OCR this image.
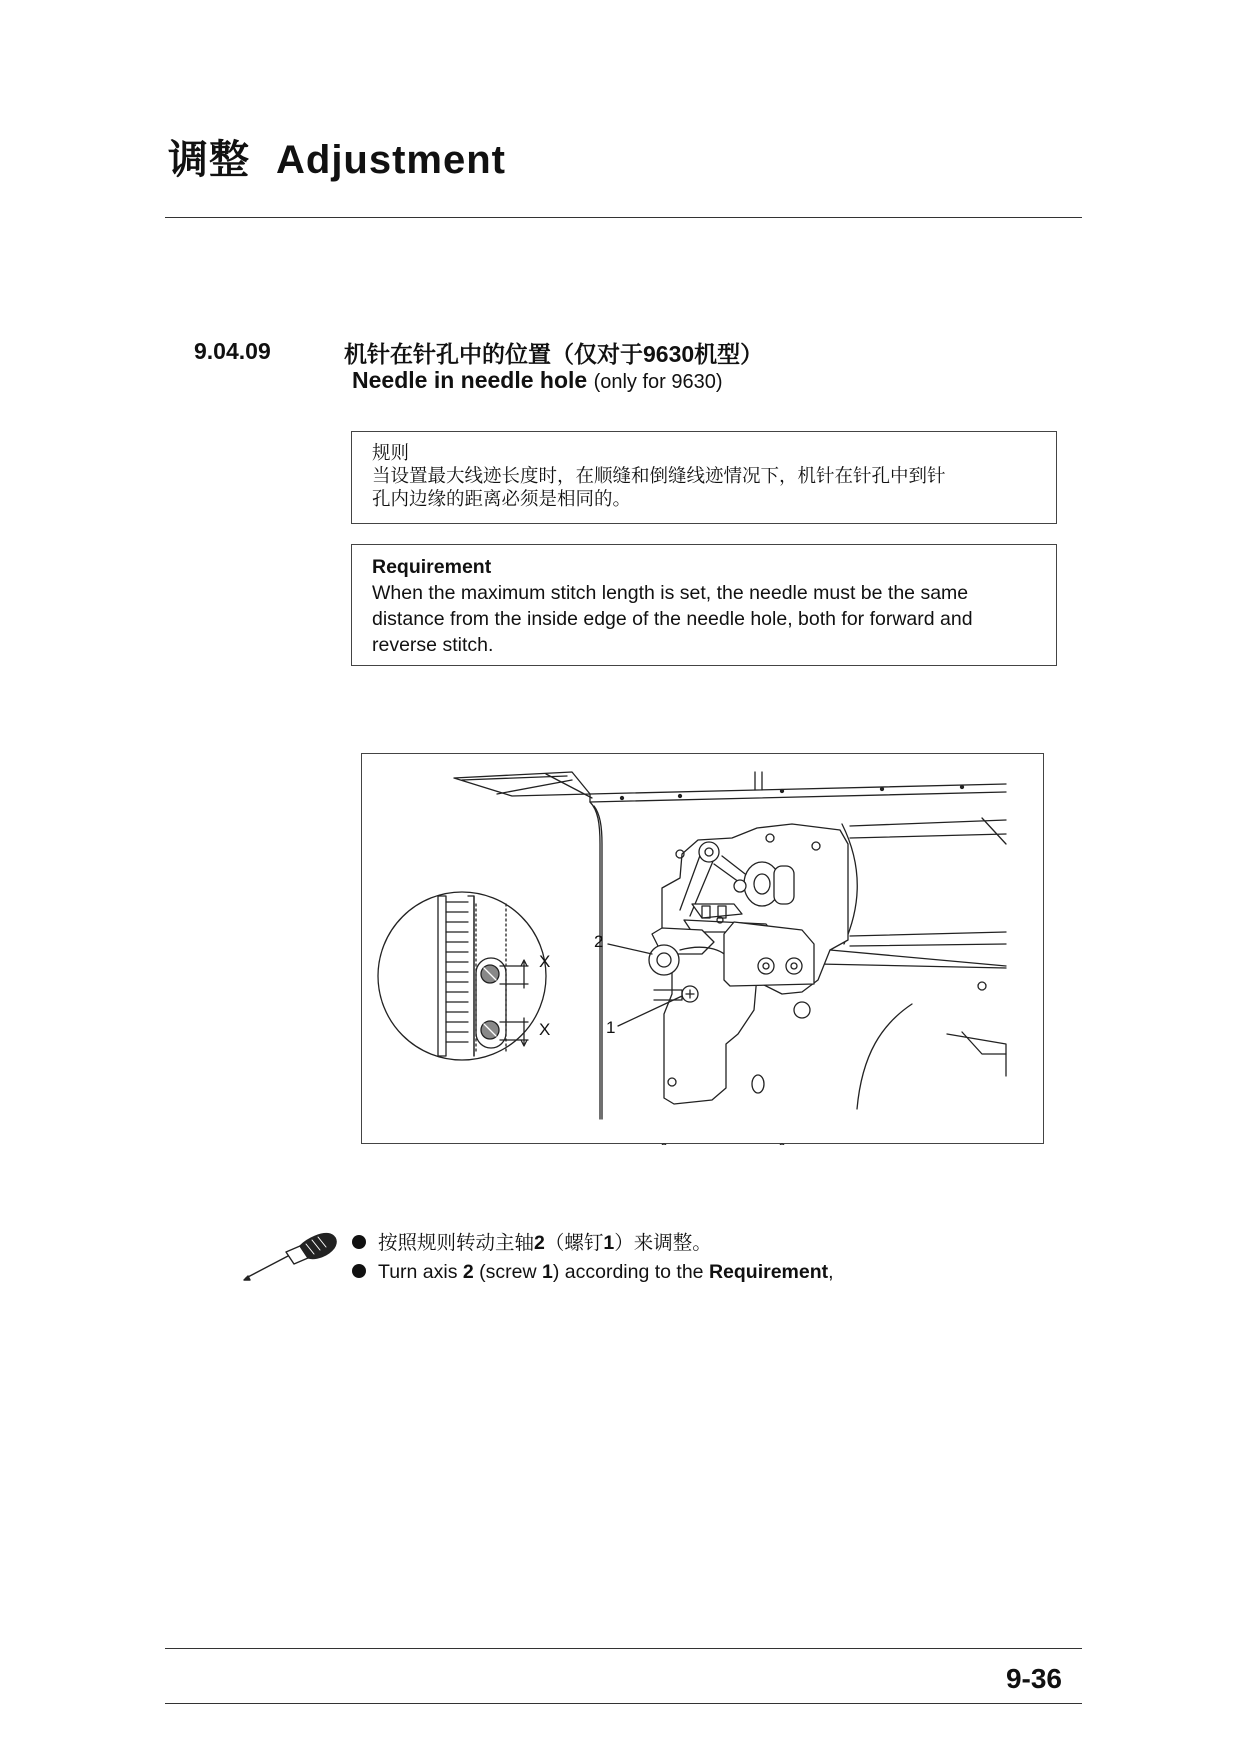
调整 Adjustment
9.04.09	机针在针孔中的位置（仅对于9630机型）
Needle in needle hole (only for 9630)
规则
当设置最大线迹长度时，在顺缝和倒缝线迹情况下，机针在针孔中到针
孔内边缘的距离必须是相同的。
Requirement
When the maximum stitch length is set, the needle must be the same
distance from the inside edge of the needle hole, both for forward and
reverse stitch.
X
X
2
1
按照规则转动主轴2（螺钉1）来调整。
Turn axis 2 (screw 1) according to the Requirement,
9-36
